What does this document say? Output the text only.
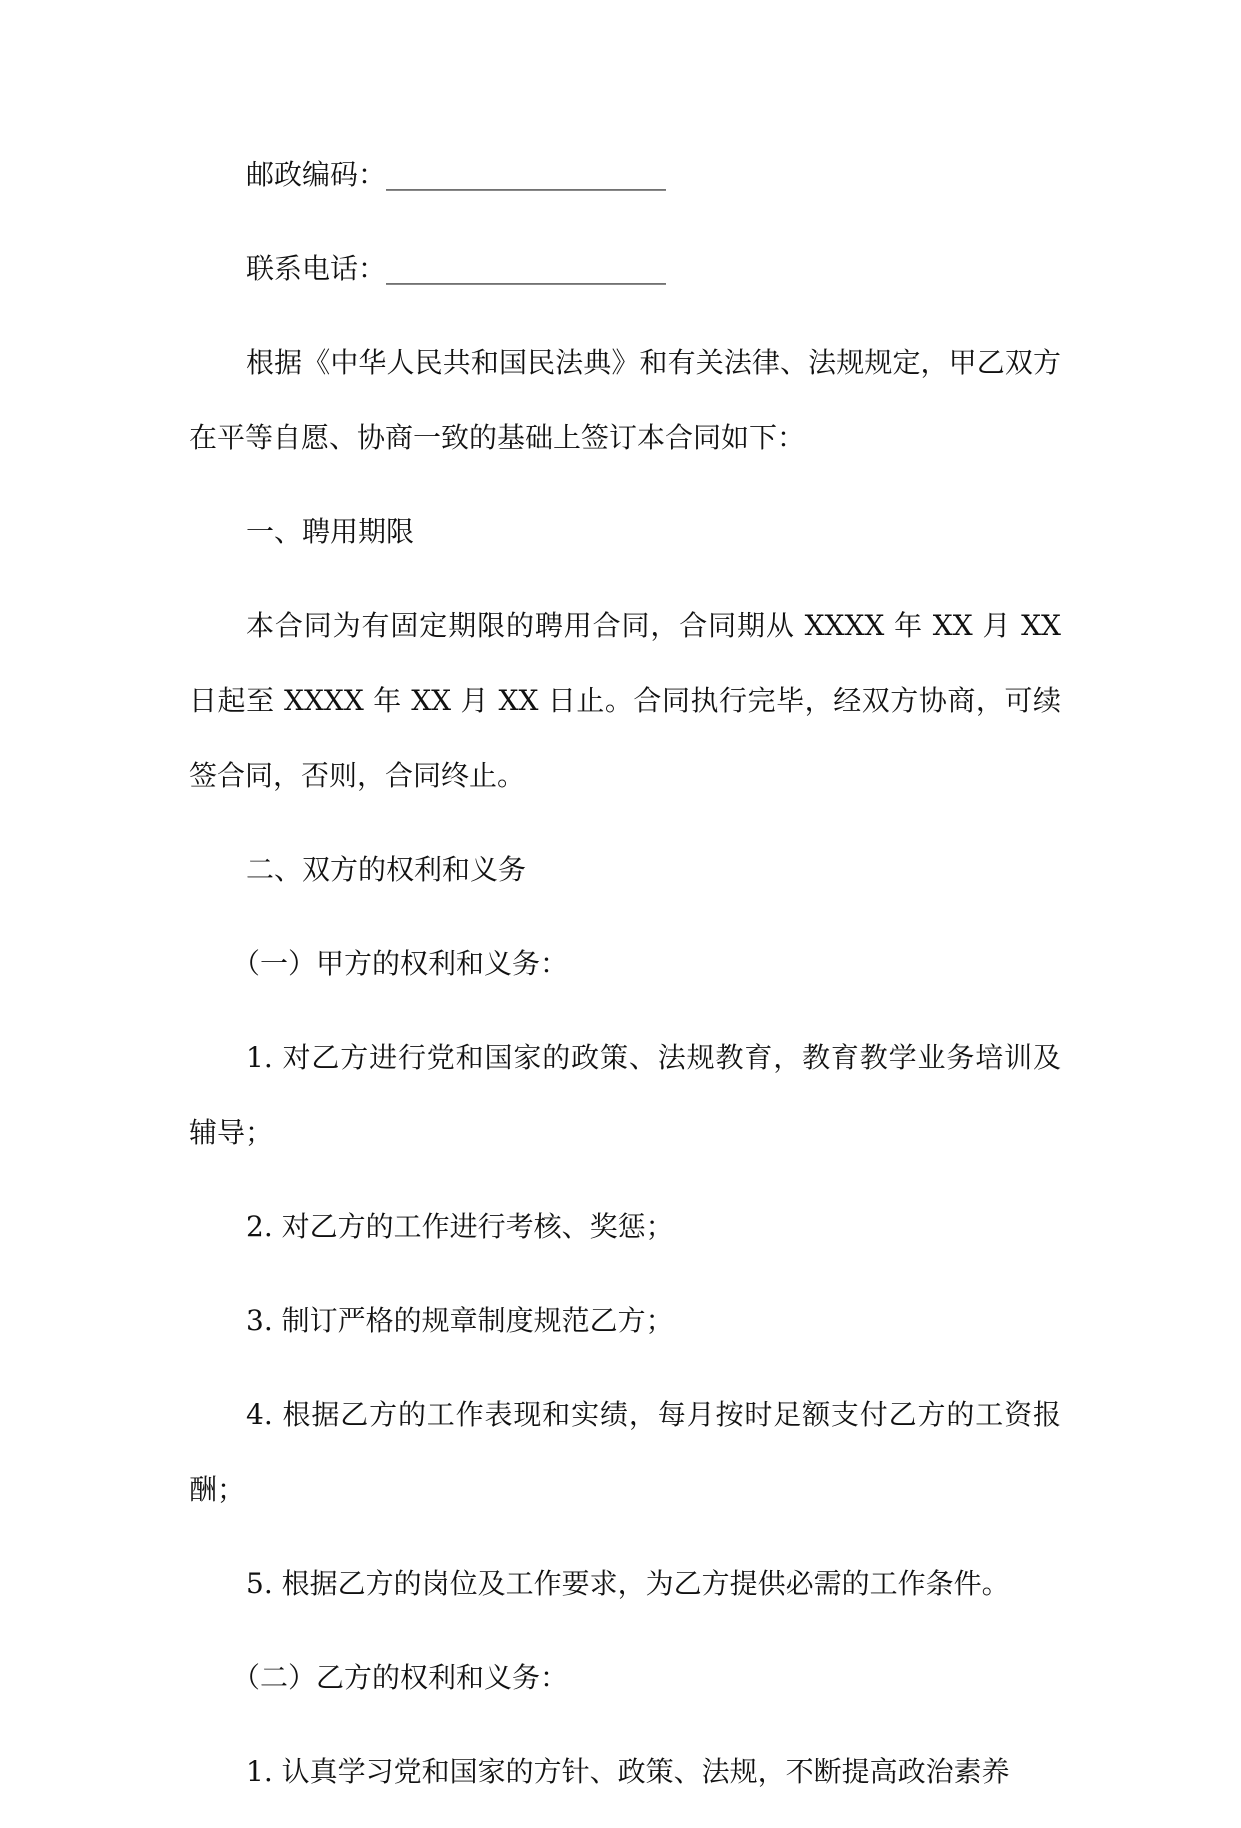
邮政编码：____________________

联系电话：____________________

根据《中华人民共和国民法典》和有关法律、法规规定，甲乙双方在平等自愿、协商一致的基础上签订本合同如下：

一、聘用期限

本合同为有固定期限的聘用合同，合同期从 XXXX 年 XX 月 XX 日起至 XXXX 年 XX 月 XX 日止。合同执行完毕，经双方协商，可续签合同，否则，合同终止。

二、双方的权利和义务

（一）甲方的权利和义务：

1. 对乙方进行党和国家的政策、法规教育，教育教学业务培训及辅导；

2. 对乙方的工作进行考核、奖惩；

3. 制订严格的规章制度规范乙方；

4. 根据乙方的工作表现和实绩，每月按时足额支付乙方的工资报酬；

5. 根据乙方的岗位及工作要求，为乙方提供必需的工作条件。

（二）乙方的权利和义务：

1. 认真学习党和国家的方针、政策、法规，不断提高政治素养
